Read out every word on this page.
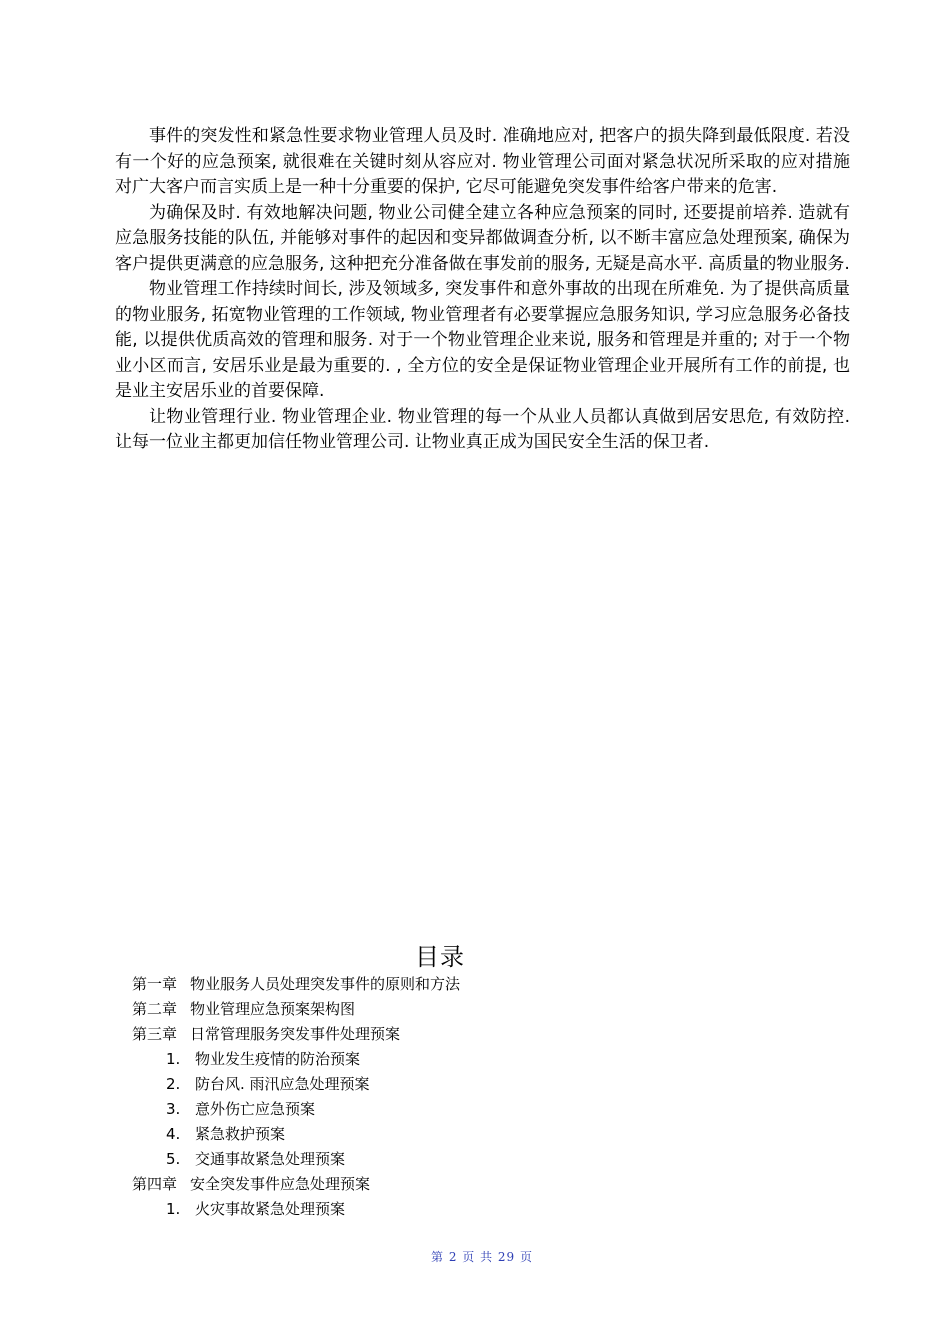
事件的突发性和紧急性要求物业管理人员及时. 准确地应对, 把客户的损失降到最低限度. 若没有一个好的应急预案, 就很难在关键时刻从容应对. 物业管理公司面对紧急状况所采取的应对措施对广大客户而言实质上是一种十分重要的保护, 它尽可能避免突发事件给客户带来的危害.

为确保及时. 有效地解决问题, 物业公司健全建立各种应急预案的同时, 还要提前培养. 造就有应急服务技能的队伍, 并能够对事件的起因和变异都做调查分析, 以不断丰富应急处理预案, 确保为客户提供更满意的应急服务, 这种把充分准备做在事发前的服务, 无疑是高水平. 高质量的物业服务.

物业管理工作持续时间长, 涉及领域多, 突发事件和意外事故的出现在所难免. 为了提供高质量的物业服务, 拓宽物业管理的工作领域, 物业管理者有必要掌握应急服务知识, 学习应急服务必备技能, 以提供优质高效的管理和服务. 对于一个物业管理企业来说, 服务和管理是并重的; 对于一个物业小区而言, 安居乐业是最为重要的. , 全方位的安全是保证物业管理企业开展所有工作的前提, 也是业主安居乐业的首要保障.

让物业管理行业. 物业管理企业. 物业管理的每一个从业人员都认真做到居安思危, 有效防控. 让每一位业主都更加信任物业管理公司. 让物业真正成为国民安全生活的保卫者.

目录
第一章 物业服务人员处理突发事件的原则和方法
第二章 物业管理应急预案架构图
第三章 日常管理服务突发事件处理预案
1. 物业发生疫情的防治预案
2. 防台风. 雨汛应急处理预案
3. 意外伤亡应急预案
4. 紧急救护预案
5. 交通事故紧急处理预案
第四章 安全突发事件应急处理预案
1. 火灾事故紧急处理预案
第 2 页 共 29 页
